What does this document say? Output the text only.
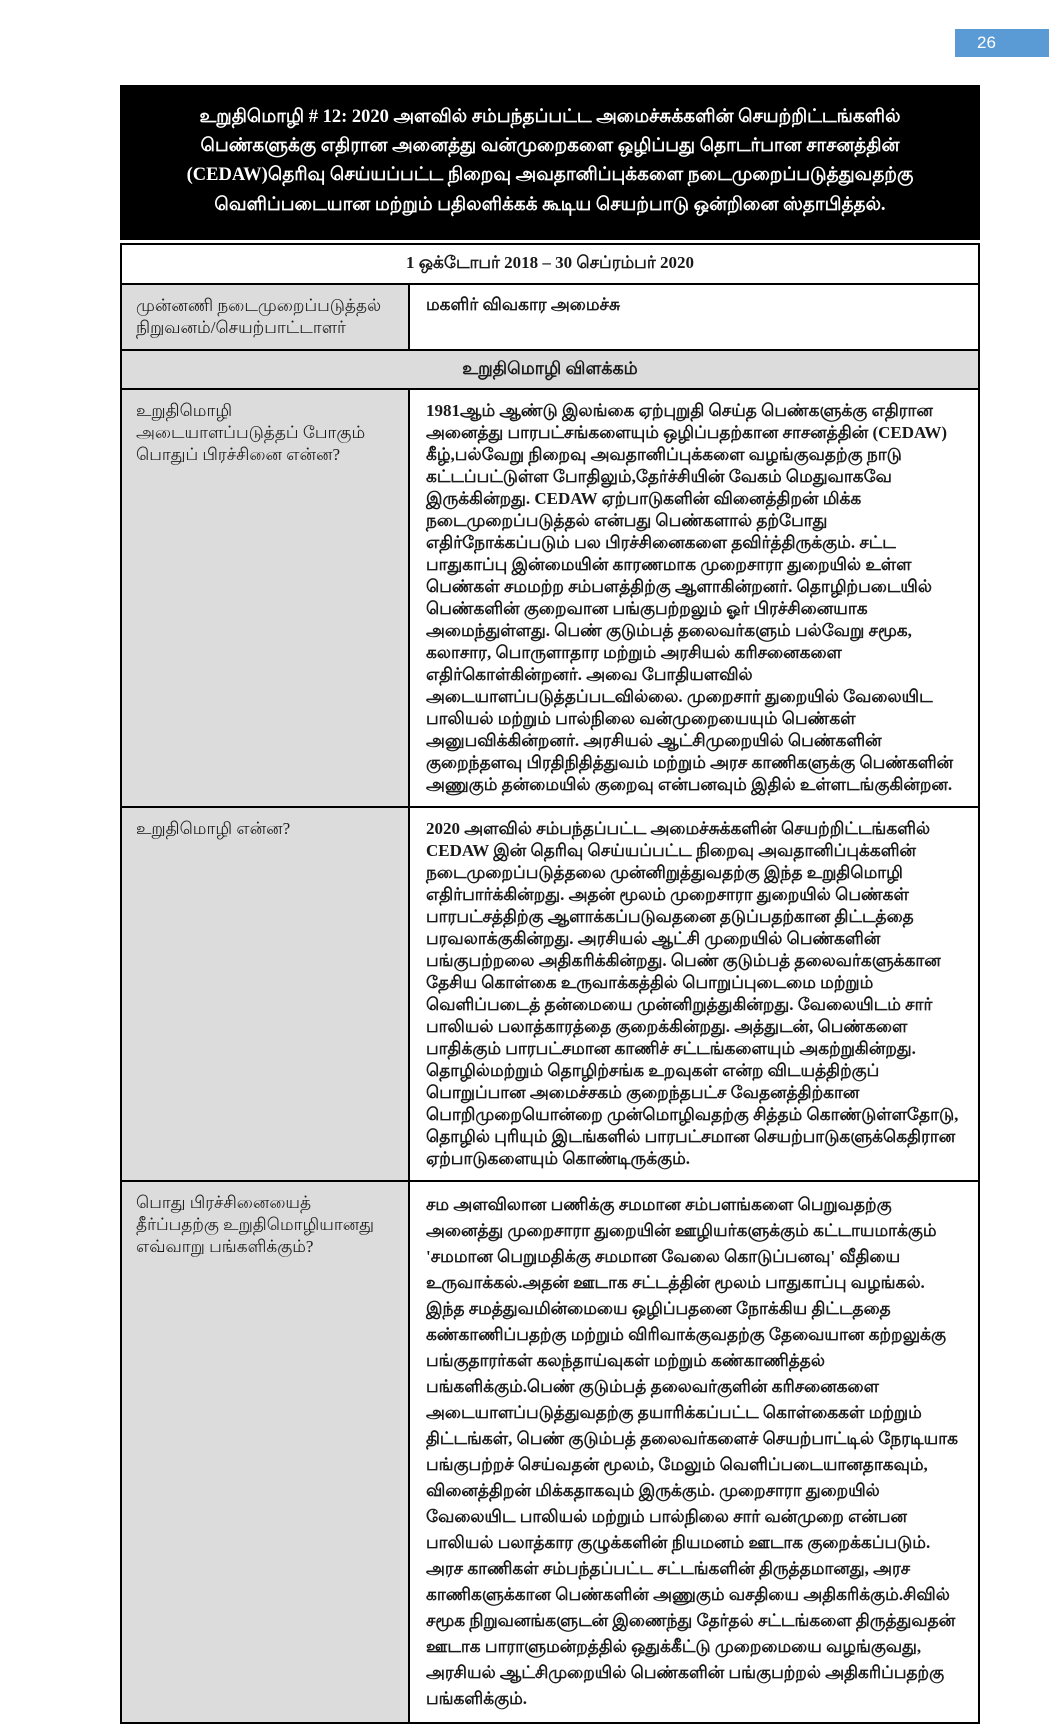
26
உறுதிமொழி # 12: 2020 அளவில் சம்பந்தப்பட்ட அமைச்சுக்களின் செயற்றிட்டங்களில் பெண்களுக்கு எதிரான அனைத்து வன்முறைகளை ஒழிப்பது தொடர்பான சாசனத்தின் (CEDAW)தெரிவு செய்யப்பட்ட நிறைவு அவதானிப்புக்களை நடைமுறைப்படுத்துவதற்கு வெளிப்படையான மற்றும் பதிலளிக்கக் கூடிய செயற்பாடு ஒன்றினை ஸ்தாபித்தல்.
1 ஒக்டோபர் 2018 – 30 செப்ரம்பர் 2020
முன்னணி நடைமுறைப்படுத்தல் நிறுவனம்/செயற்பாட்டாளர்
மகளிர் விவகார அமைச்சு
உறுதிமொழி விளக்கம்
உறுதிமொழி அடையாளப்படுத்தப் போகும் பொதுப் பிரச்சினை என்ன?
1981ஆம் ஆண்டு இலங்கை ஏற்புறுதி செய்த பெண்களுக்கு எதிரான அனைத்து பாரபட்சங்களையும் ஒழிப்பதற்கான சாசனத்தின் (CEDAW) கீழ்,பல்வேறு நிறைவு அவதானிப்புக்களை வழங்குவதற்கு நாடு கட்டப்பட்டுள்ள போதிலும்,தேர்ச்சியின் வேகம் மெதுவாகவே இருக்கின்றது. CEDAW ஏற்பாடுகளின் வினைத்திறன் மிக்க நடைமுறைப்படுத்தல் என்பது பெண்களால் தற்போது எதிர்நோக்கப்படும் பல பிரச்சினைகளை தவிர்த்திருக்கும். சட்ட பாதுகாப்பு இன்மையின் காரணமாக முறைசாரா துறையில் உள்ள பெண்கள் சமமற்ற சம்பளத்திற்கு ஆளாகின்றனர். தொழிற்படையில் பெண்களின் குறைவான பங்குபற்றலும் ஓர் பிரச்சினையாக அமைந்துள்ளது. பெண் குடும்பத் தலைவர்களும் பல்வேறு சமூக, கலாசார, பொருளாதார மற்றும் அரசியல் கரிசனைகளை எதிர்கொள்கின்றனர். அவை போதியளவில் அடையாளப்படுத்தப்படவில்லை. முறைசார் துறையில் வேலையிட பாலியல் மற்றும் பால்நிலை வன்முறையையும் பெண்கள் அனுபவிக்கின்றனர். அரசியல் ஆட்சிமுறையில் பெண்களின் குறைந்தளவு பிரதிநிதித்துவம் மற்றும் அரச காணிகளுக்கு பெண்களின் அணுகும் தன்மையில் குறைவு என்பனவும் இதில் உள்ளடங்குகின்றன.
உறுதிமொழி என்ன?	2020 அளவில் சம்பந்தப்பட்ட அமைச்சுக்களின் செயற்றிட்டங்களில் CEDAW இன் தெரிவு செய்யப்பட்ட நிறைவு அவதானிப்புக்களின் நடைமுறைப்படுத்தலை முன்னிறுத்துவதற்கு இந்த உறுதிமொழி எதிர்பார்க்கின்றது. அதன் மூலம் முறைசாரா துறையில் பெண்கள் பாரபட்சத்திற்கு ஆளாக்கப்படுவதனை தடுப்பதற்கான திட்டத்தை பரவலாக்குகின்றது. அரசியல் ஆட்சி முறையில் பெண்களின் பங்குபற்றலை அதிகரிக்கின்றது. பெண் குடும்பத் தலைவர்களுக்கான தேசிய கொள்கை உருவாக்கத்தில் பொறுப்புடைமை மற்றும் வெளிப்படைத் தன்மையை முன்னிறுத்துகின்றது. வேலையிடம் சார் பாலியல் பலாத்காரத்தை குறைக்கின்றது. அத்துடன், பெண்களை பாதிக்கும் பாரபட்சமான காணிச் சட்டங்களையும் அகற்றுகின்றது. தொழில்மற்றும் தொழிற்சங்க உறவுகள் என்ற விடயத்திற்குப் பொறுப்பான அமைச்சகம் குறைந்தபட்ச வேதனத்திற்கான பொறிமுறையொன்றை முன்மொழிவதற்கு சித்தம் கொண்டுள்ளதோடு, தொழில் புரியும் இடங்களில் பாரபட்சமான செயற்பாடுகளுக்கெதிரான ஏற்பாடுகளையும் கொண்டிருக்கும்.
பொது பிரச்சினையைத் தீர்ப்பதற்கு உறுதிமொழியானது எவ்வாறு பங்களிக்கும்?
சம அளவிலான பணிக்கு சமமான சம்பளங்களை பெறுவதற்கு அனைத்து முறைசாரா துறையின் ஊழியர்களுக்கும் கட்டாயமாக்கும் 'சமமான பெறுமதிக்கு சமமான வேலை கொடுப்பனவு' வீதியை உருவாக்கல்.அதன் ஊடாக சட்டத்தின் மூலம் பாதுகாப்பு வழங்கல். இந்த சமத்துவமின்மையை ஒழிப்பதனை நோக்கிய திட்டததை கண்காணிப்பதற்கு மற்றும் விரிவாக்குவதற்கு தேவையான கற்றலுக்கு பங்குதாரர்கள் கலந்தாய்வுகள் மற்றும் கண்காணித்தல் பங்களிக்கும்.பெண் குடும்பத் தலைவர்குளின் கரிசனைகளை அடையாளப்படுத்துவதற்கு தயாரிக்கப்பட்ட கொள்கைகள் மற்றும் திட்டங்கள், பெண் குடும்பத் தலைவர்களைச் செயற்பாட்டில் நேரடியாக பங்குபற்றச் செய்வதன் மூலம், மேலும் வெளிப்படையானதாகவும், வினைத்திறன் மிக்கதாகவும் இருக்கும். முறைசாரா துறையில் வேலையிட பாலியல் மற்றும் பால்நிலை சார் வன்முறை என்பன பாலியல் பலாத்கார குழுக்களின் நியமனம் ஊடாக குறைக்கப்படும். அரச காணிகள் சம்பந்தப்பட்ட சட்டங்களின் திருத்தமானது, அரச காணிகளுக்கான பெண்களின் அணுகும் வசதியை அதிகரிக்கும்.சிவில் சமூக நிறுவனங்களுடன் இணைந்து தேர்தல் சட்டங்களை திருத்துவதன் ஊடாக பாராளுமன்றத்தில் ஒதுக்கீட்டு முறைமையை வழங்குவது, அரசியல் ஆட்சிமுறையில் பெண்களின் பங்குபற்றல் அதிகரிப்பதற்கு பங்களிக்கும்.
